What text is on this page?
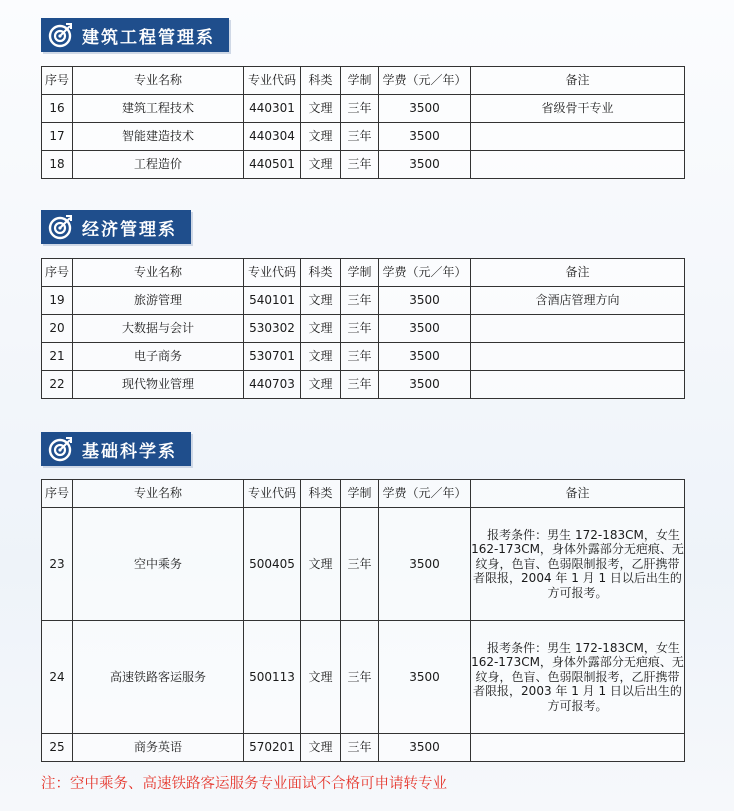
建筑工程管理系
序号	专业名称	专业代码	科类	学制	学费（元／年）	备注
16	建筑工程技术	440301	文理	三年	3500	省级骨干专业
17	智能建造技术	440304	文理	三年	3500	
18	工程造价	440501	文理	三年	3500	
经济管理系
序号	专业名称	专业代码	科类	学制	学费（元／年）	备注
19	旅游管理	540101	文理	三年	3500	含酒店管理方向
20	大数据与会计	530302	文理	三年	3500	
21	电子商务	530701	文理	三年	3500	
22	现代物业管理	440703	文理	三年	3500	
基础科学系
序号	专业名称	专业代码	科类	学制	学费（元／年）	备注
23	空中乘务	500405	文理	三年	3500	　报考条件：男生 172-183CM，女生 162-173CM，身体外露部分无疤痕、无纹身，色盲、色弱限制报考，乙肝携带者限报，2004 年 1 月 1 日以后出生的方可报考。
24	高速铁路客运服务	500113	文理	三年	3500	　报考条件：男生 172-183CM，女生 162-173CM，身体外露部分无疤痕、无纹身，色盲、色弱限制报考，乙肝携带者限报，2003 年 1 月 1 日以后出生的方可报考。
25	商务英语	570201	文理	三年	3500	
注：空中乘务、高速铁路客运服务专业面试不合格可申请转专业
